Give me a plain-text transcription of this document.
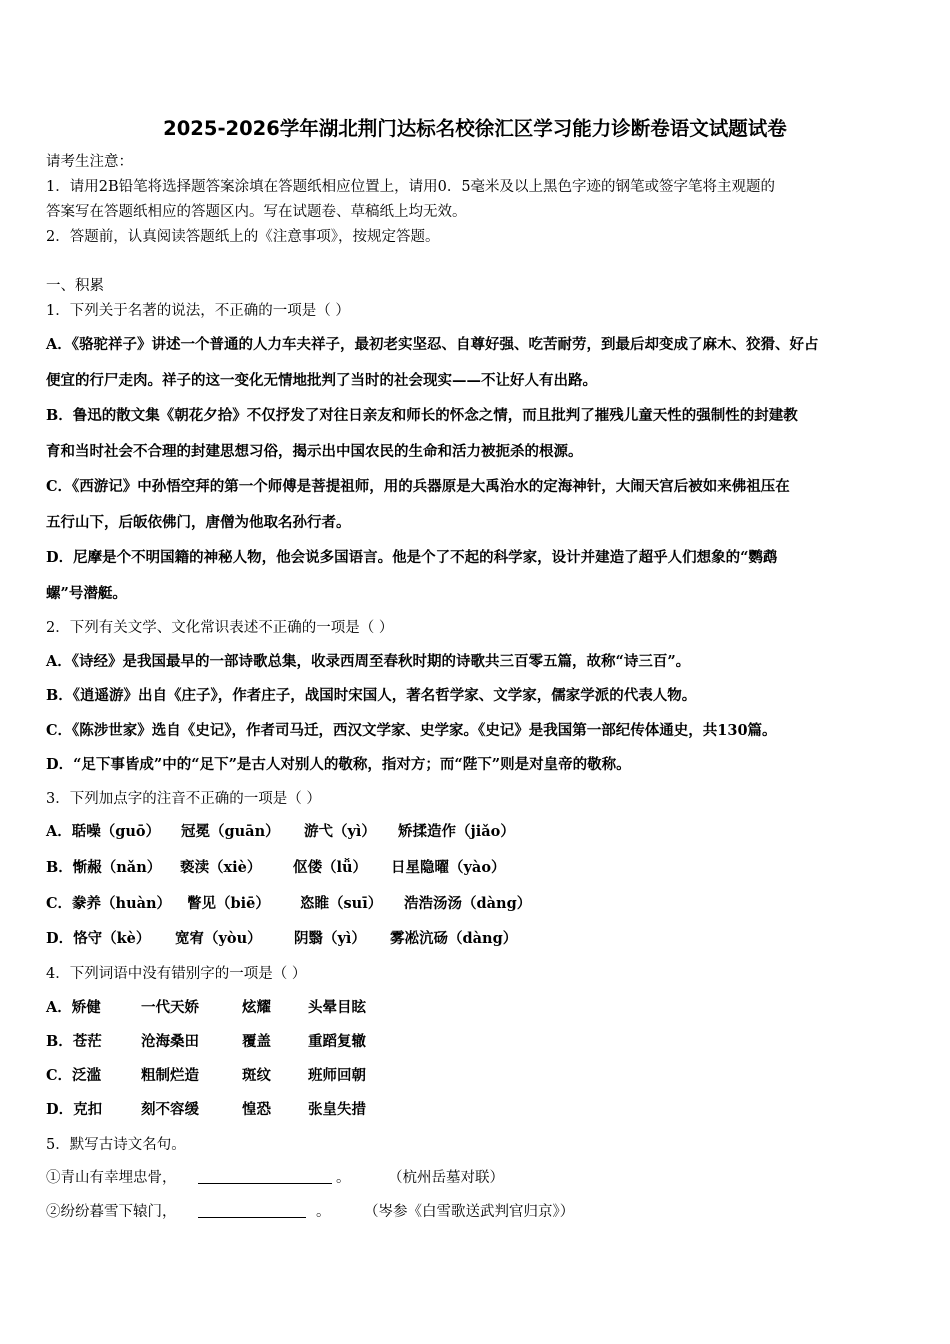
2025-2026学年湖北荆门达标名校徐汇区学习能力诊断卷语文试题试卷
请考生注意：
1．请用2B铅笔将选择题答案涂填在答题纸相应位置上，请用0．5毫米及以上黑色字迹的钢笔或签字笔将主观题的
答案写在答题纸相应的答题区内。写在试题卷、草稿纸上均无效。
2．答题前，认真阅读答题纸上的《注意事项》，按规定答题。
一、积累
1．下列关于名著的说法，不正确的一项是（ ）
A．《骆驼祥子》讲述一个普通的人力车夫祥子，最初老实坚忍、自尊好强、吃苦耐劳，到最后却变成了麻木、狡猾、好占
便宜的行尸走肉。祥子的这一变化无情地批判了当时的社会现实——不让好人有出路。
B．鲁迅的散文集《朝花夕拾》不仅抒发了对往日亲友和师长的怀念之情，而且批判了摧残儿童天性的强制性的封建教
育和当时社会不合理的封建思想习俗，揭示出中国农民的生命和活力被扼杀的根源。
C．《西游记》中孙悟空拜的第一个师傅是菩提祖师，用的兵器原是大禹治水的定海神针，大闹天宫后被如来佛祖压在
五行山下，后皈依佛门，唐僧为他取名孙行者。
D．尼摩是个不明国籍的神秘人物，他会说多国语言。他是个了不起的科学家，设计并建造了超乎人们想象的“鹦鹉
螺”号潜艇。
2．下列有关文学、文化常识表述不正确的一项是（ ）
A．《诗经》是我国最早的一部诗歌总集，收录西周至春秋时期的诗歌共三百零五篇，故称“诗三百”。
B．《逍遥游》出自《庄子》，作者庄子，战国时宋国人，著名哲学家、文学家，儒家学派的代表人物。
C．《陈涉世家》选自《史记》，作者司马迁，西汉文学家、史学家。《史记》是我国第一部纪传体通史，共130篇。
D．“足下事皆成”中的“足下”是古人对别人的敬称，指对方；而“陛下”则是对皇帝的敬称。
3．下列加点字的注音不正确的一项是（ ）
A．聒噪（guō） 冠冕（guān） 游弋（yì） 矫揉造作（jiǎo）
B．惭赧（nǎn） 亵渎（xiè） 伛偻（lǚ） 日星隐曜（yào）
C．豢养（huàn） 瞥见（biē） 恣睢（suī） 浩浩汤汤（dàng）
D．恪守（kè） 宽宥（yòu） 阴翳（yì） 雾凇沆砀（dàng）
4．下列词语中没有错别字的一项是（ ）
A．矫健	一代天娇	炫耀	头晕目眩
B．苍茫	沧海桑田	覆盖	重蹈复辙
C．泛滥	粗制烂造	斑纹	班师回朝
D．克扣	刻不容缓	惶恐	张皇失措
5．默写古诗文名句。
①青山有幸埋忠骨，	。	（杭州岳墓对联）
②纷纷暮雪下辕门，	。 （岑参《白雪歌送武判官归京》）
